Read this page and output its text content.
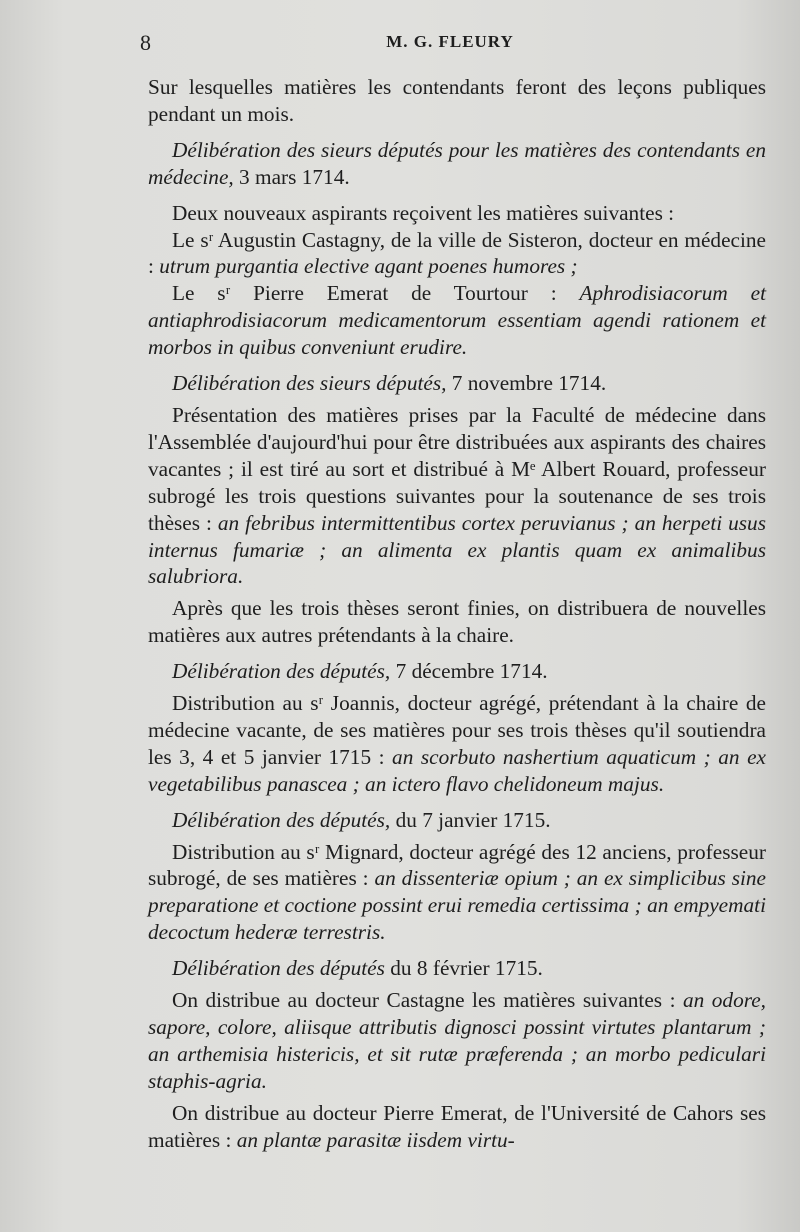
8	M. G. FLEURY

Sur lesquelles matières les contendants feront des leçons publiques pendant un mois.

Délibération des sieurs députés pour les matières des contendants en médecine, 3 mars 1714.

Deux nouveaux aspirants reçoivent les matières suivantes :

Le sʳ Augustin Castagny, de la ville de Sisteron, docteur en médecine : utrum purgantia elective agant poenes humores ;

Le sʳ Pierre Emerat de Tourtour : Aphrodisiacorum et antiaphrodisiacorum medicamentorum essentiam agendi rationem et morbos in quibus conveniunt erudire.

Délibération des sieurs députés, 7 novembre 1714.

Présentation des matières prises par la Faculté de médecine dans l'Assemblée d'aujourd'hui pour être distribuées aux aspirants des chaires vacantes ; il est tiré au sort et distribué à Mᵉ Albert Rouard, professeur subrogé les trois questions suivantes pour la soutenance de ses trois thèses : an febribus intermittentibus cortex peruvianus ; an herpeti usus internus fumariæ ; an alimenta ex plantis quam ex animalibus salubriora.

Après que les trois thèses seront finies, on distribuera de nouvelles matières aux autres prétendants à la chaire.

Délibération des députés, 7 décembre 1714.

Distribution au sʳ Joannis, docteur agrégé, prétendant à la chaire de médecine vacante, de ses matières pour ses trois thèses qu'il soutiendra les 3, 4 et 5 janvier 1715 : an scorbuto nashertium aquaticum ; an ex vegetabilibus panascea ; an ictero flavo chelidoneum majus.

Délibération des députés, du 7 janvier 1715.

Distribution au sʳ Mignard, docteur agrégé des 12 anciens, professeur subrogé, de ses matières : an dissenteriæ opium ; an ex simplicibus sine preparatione et coctione possint erui remedia certissima ; an empyemati decoctum hederæ terrestris.

Délibération des députés du 8 février 1715.

On distribue au docteur Castagne les matières suivantes : an odore, sapore, colore, aliisque attributis dignosci possint virtutes plantarum ; an arthemisia histericis, et sit rutæ præferenda ; an morbo pediculari staphis-agria.

On distribue au docteur Pierre Emerat, de l'Université de Cahors ses matières : an plantæ parasitæ iisdem virtu-
